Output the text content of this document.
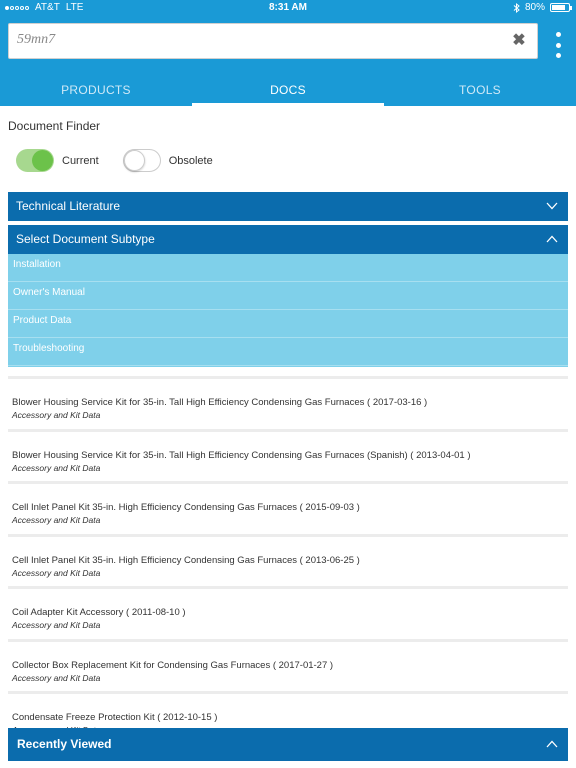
AT&T LTE	8:31 AM	80%
59mn7
✖
PRODUCTS	DOCS	TOOLS
Document Finder
Current	Obsolete
Technical Literature
Select Document Subtype
Installation
Owner's Manual
Product Data
Troubleshooting
Blower Housing Service Kit for 35-in. Tall High Efficiency Condensing Gas Furnaces ( 2017-03-16 )
Accessory and Kit Data
Blower Housing Service Kit for 35-in. Tall High Efficiency Condensing Gas Furnaces (Spanish) ( 2013-04-01 )
Accessory and Kit Data
Cell Inlet Panel Kit 35-in. High Efficiency Condensing Gas Furnaces ( 2015-09-03 )
Accessory and Kit Data
Cell Inlet Panel Kit 35-in. High Efficiency Condensing Gas Furnaces ( 2013-06-25 )
Accessory and Kit Data
Coil Adapter Kit Accessory ( 2011-08-10 )
Accessory and Kit Data
Collector Box Replacement Kit for Condensing Gas Furnaces ( 2017-01-27 )
Accessory and Kit Data
Condensate Freeze Protection Kit ( 2012-10-15 )
Recently Viewed
